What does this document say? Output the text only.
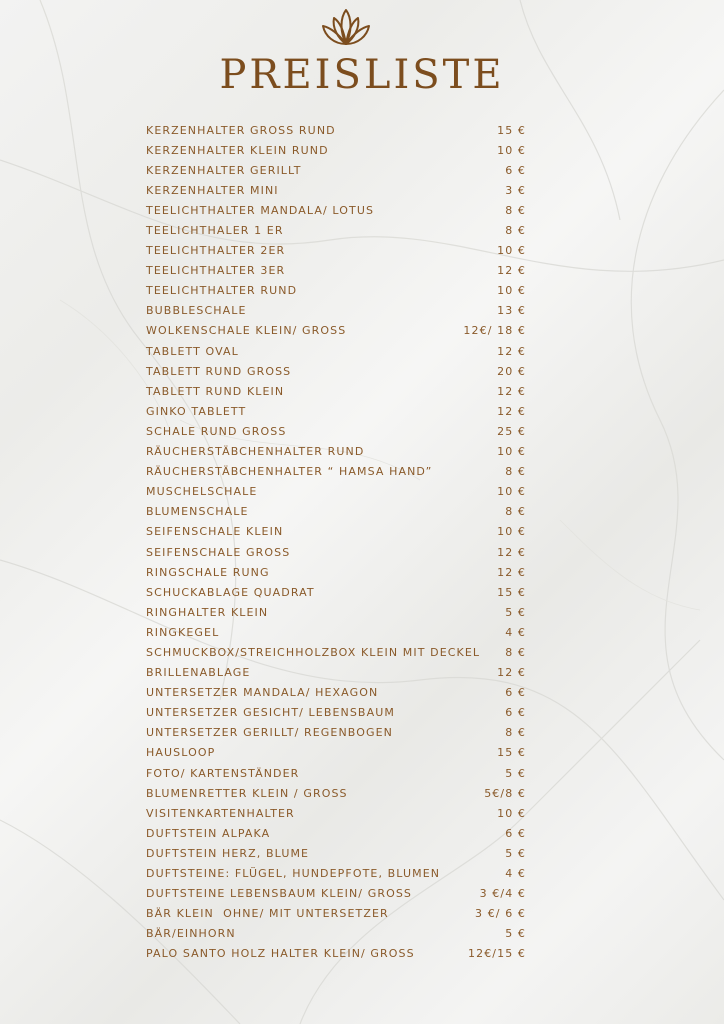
PREISLISTE
KERZENHALTER GROSS RUND	15 €
KERZENHALTER KLEIN RUND	10 €
KERZENHALTER GERILLT	6 €
KERZENHALTER MINI	3 €
TEELICHTHALTER MANDALA/ LOTUS	8 €
TEELICHTHALER 1 ER	8 €
TEELICHTHALTER 2ER	10 €
TEELICHTHALTER 3ER	12 €
TEELICHTHALTER RUND	10 €
BUBBLESCHALE	13 €
WOLKENSCHALE KLEIN/ GROSS	12€/ 18 €
TABLETT OVAL	12 €
TABLETT RUND GROSS	20 €
TABLETT RUND KLEIN	12 €
GINKO TABLETT	12 €
SCHALE RUND GROSS	25 €
RÄUCHERSTÄBCHENHALTER RUND	10 €
RÄUCHERSTÄBCHENHALTER “ HAMSA HAND”	8 €
MUSCHELSCHALE	10 €
BLUMENSCHALE	8 €
SEIFENSCHALE KLEIN	10 €
SEIFENSCHALE GROSS	12 €
RINGSCHALE RUNG	12 €
SCHUCKABLAGE QUADRAT	15 €
RINGHALTER KLEIN	5 €
RINGKEGEL	4 €
SCHMUCKBOX/STREICHHOLZBOX KLEIN MIT DECKEL 8 €
BRILLENABLAGE	12 €
UNTERSETZER MANDALA/ HEXAGON	6 €
UNTERSETZER GESICHT/ LEBENSBAUM	6 €
UNTERSETZER GERILLT/ REGENBOGEN	8 €
HAUSLOOP	15 €
FOTO/ KARTENSTÄNDER	5 €
BLUMENRETTER KLEIN / GROSS	5€/8 €
VISITENKARTENHALTER	10 €
DUFTSTEIN ALPAKA	6 €
DUFTSTEIN HERZ, BLUME	5 €
DUFTSTEINE: FLÜGEL, HUNDEPFOTE, BLUMEN	4 €
DUFTSTEINE LEBENSBAUM KLEIN/ GROSS	3 €/4 €
BÄR KLEIN  OHNE/ MIT UNTERSETZER	3 €/ 6 €
BÄR/EINHORN	5 €
PALO SANTO HOLZ HALTER KLEIN/ GROSS	12€/15 €
